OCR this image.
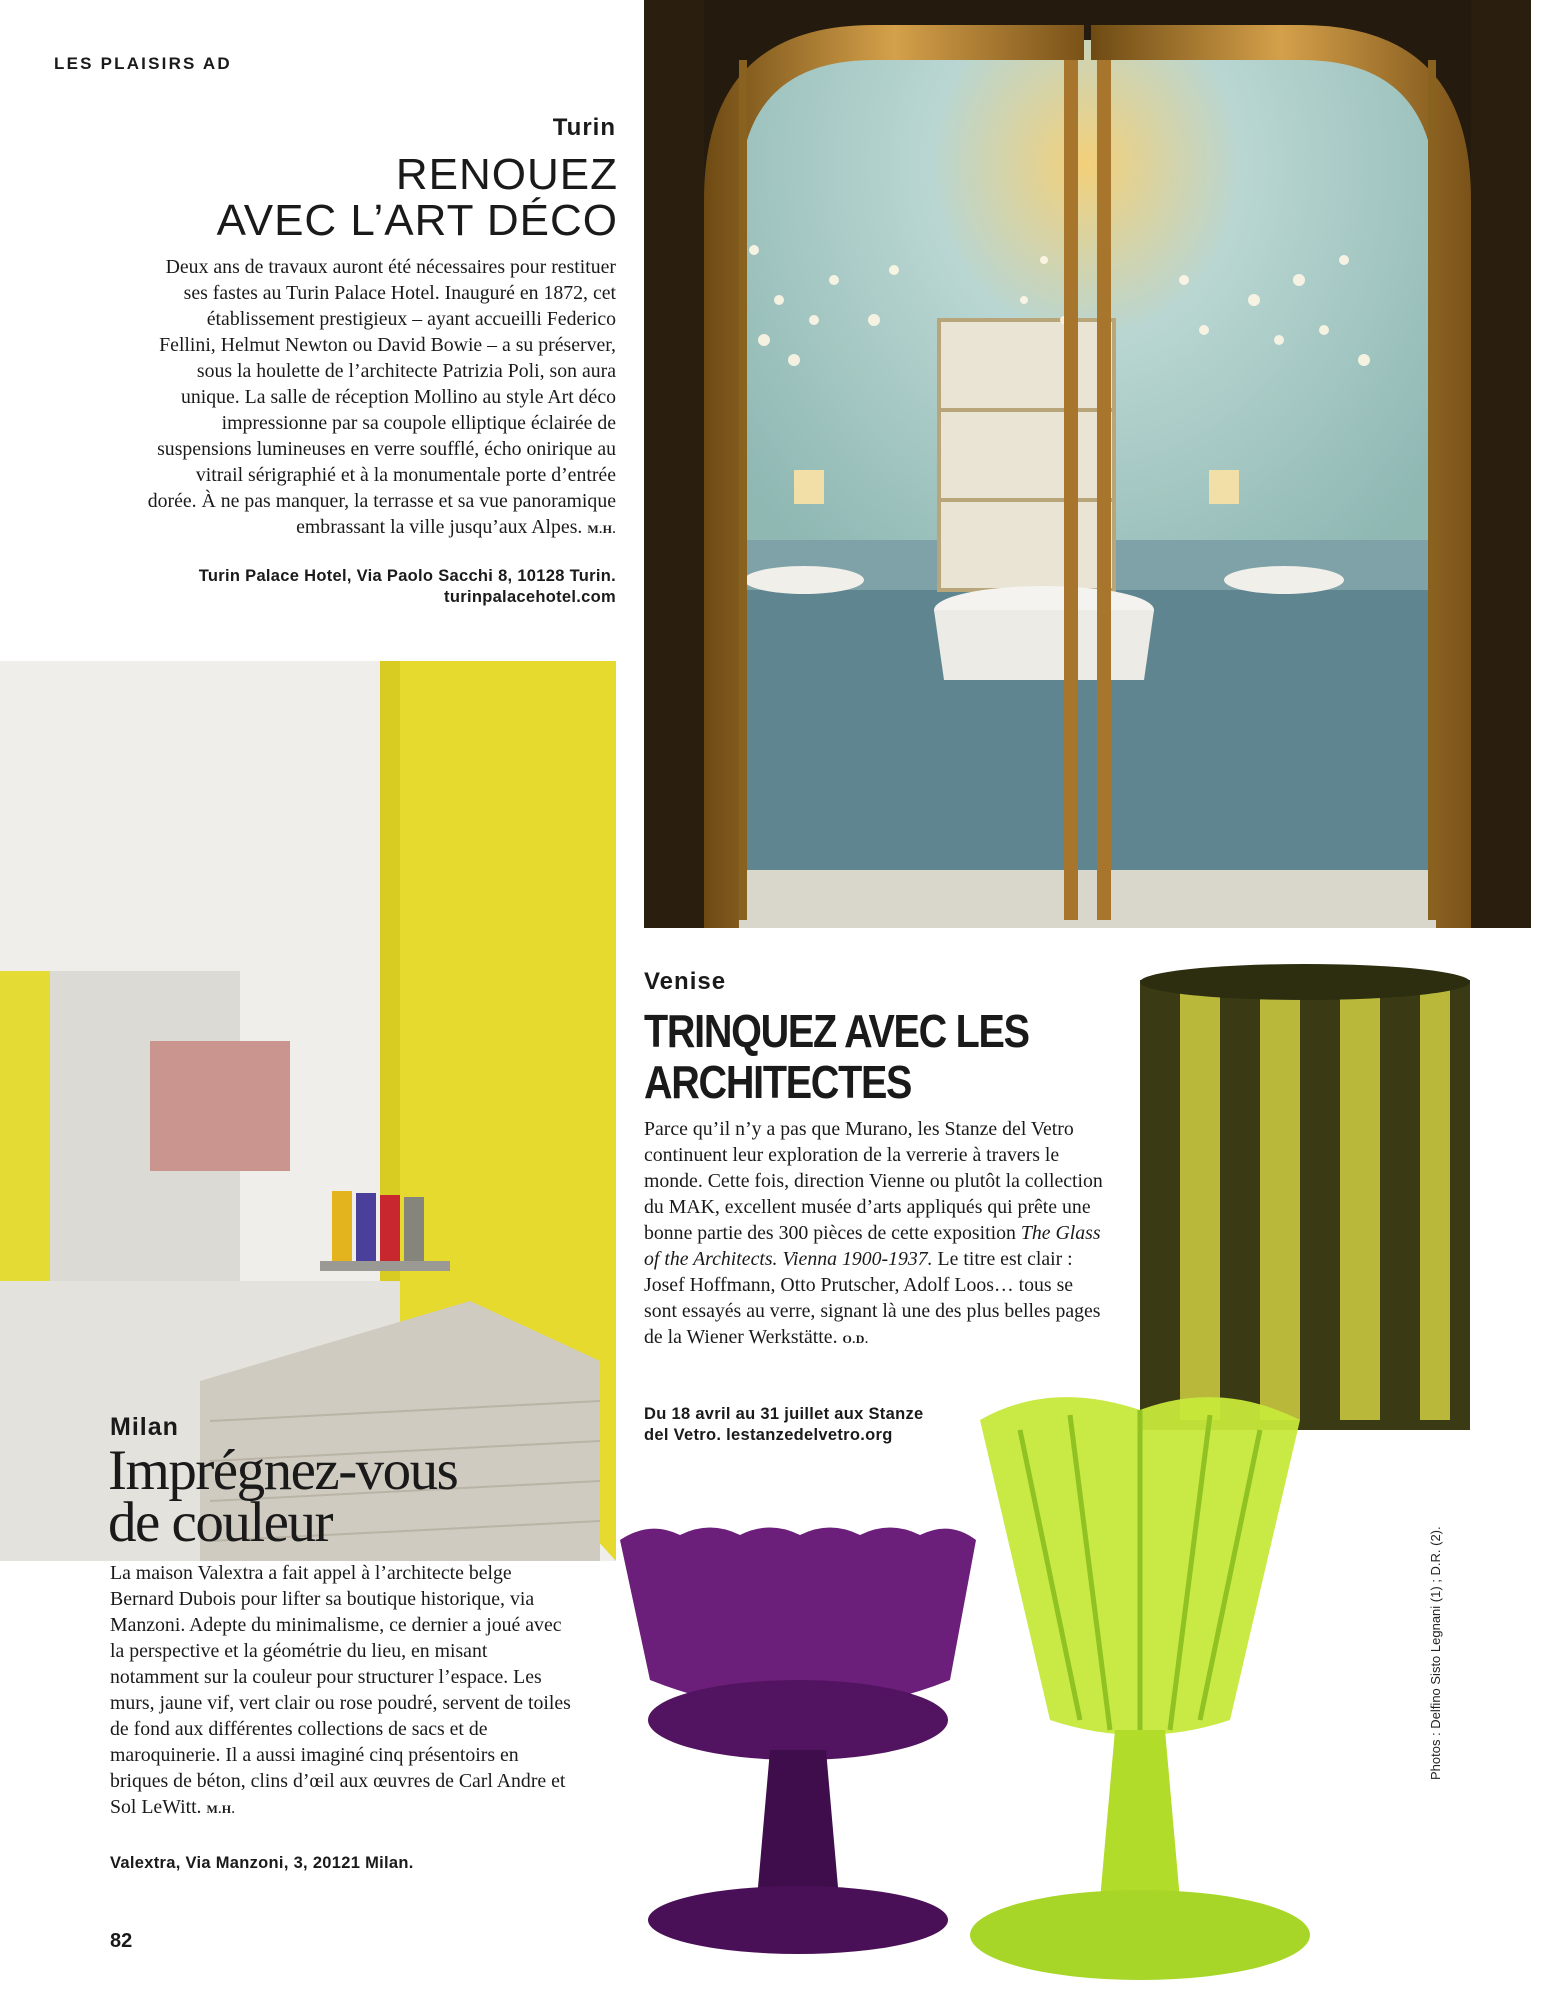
LES PLAISIRS AD
Turin
RENOUEZ
AVEC L’ART DÉCO
Deux ans de travaux auront été nécessaires pour restituer ses fastes au Turin Palace Hotel. Inauguré en 1872, cet établissement prestigieux – ayant accueilli Federico Fellini, Helmut Newton ou David Bowie – a su préserver, sous la houlette de l’architecte Patrizia Poli, son aura unique. La salle de réception Mollino au style Art déco impressionne par sa coupole elliptique éclairée de suspensions lumineuses en verre soufflé, écho onirique au vitrail sérigraphié et à la monumentale porte d’entrée dorée. À ne pas manquer, la terrasse et sa vue panoramique embrassant la ville jusqu’aux Alpes. M.H.
Turin Palace Hotel, Via Paolo Sacchi 8, 10128 Turin.
turinpalacehotel.com
Milan
Imprégnez-vous
de couleur
La maison Valextra a fait appel à l’architecte belge Bernard Dubois pour lifter sa boutique historique, via Manzoni. Adepte du minimalisme, ce dernier a joué avec la perspective et la géométrie du lieu, en misant notamment sur la couleur pour structurer l’espace. Les murs, jaune vif, vert clair ou rose poudré, servent de toiles de fond aux différentes collections de sacs et de maroquinerie. Il a aussi imaginé cinq présentoirs en briques de béton, clins d’œil aux œuvres de Carl Andre et Sol LeWitt. M.H.
Valextra, Via Manzoni, 3, 20121 Milan.
Venise
TRINQUEZ AVEC LES
ARCHITECTES
Parce qu’il n’y a pas que Murano, les Stanze del Vetro continuent leur exploration de la verrerie à travers le monde. Cette fois, direction Vienne ou plutôt la collection du MAK, excellent musée d’arts appliqués qui prête une bonne partie des 300 pièces de cette exposition The Glass of the Architects. Vienna 1900-1937. Le titre est clair : Josef Hoffmann, Otto Prutscher, Adolf Loos… tous se sont essayés au verre, signant là une des plus belles pages de la Wiener Werkstätte. O.D.
Du 18 avril au 31 juillet aux Stanze
del Vetro. lestanzedelvetro.org
82
Photos : Delfino Sisto Legnani (1) ; D.R. (2).
